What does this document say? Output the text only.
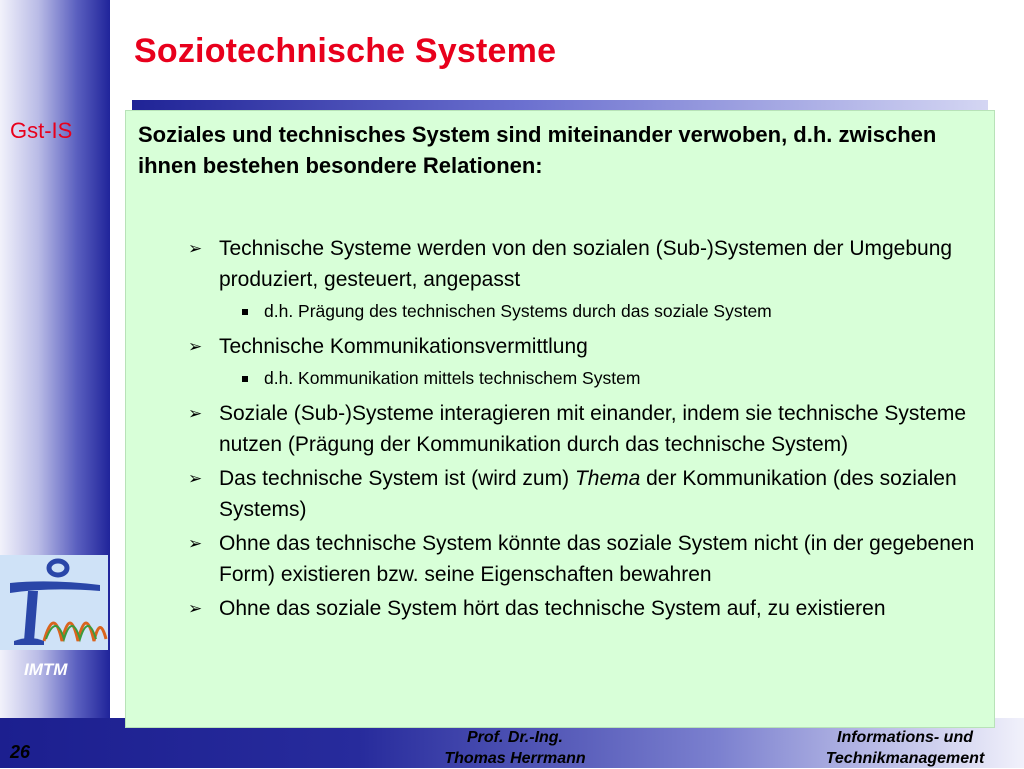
Soziotechnische Systeme
Gst-IS	Soziales und technisches System sind miteinander verwoben, d.h. zwischen ihnen bestehen besondere Relationen:
➢ Technische Systeme werden von den sozialen (Sub-)Systemen der Umgebung produziert, gesteuert, angepasst
d.h. Prägung des technischen Systems durch das soziale System
➢ Technische Kommunikationsvermittlung
d.h. Kommunikation mittels technischem System
➢ Soziale (Sub-)Systeme interagieren mit einander, indem sie technische Systeme nutzen (Prägung der Kommunikation durch das technische System)
➢ Das technische System ist (wird zum) Thema der Kommunikation (des sozialen Systems)
➢ Ohne das technische System könnte das soziale System nicht (in der gegebenen Form) existieren bzw. seine Eigenschaften bewahren
➢ Ohne das soziale System hört das technische System auf, zu existieren
IMTM
26
Prof. Dr.-Ing.
Thomas Herrmann
Informations- und
Technikmanagement
